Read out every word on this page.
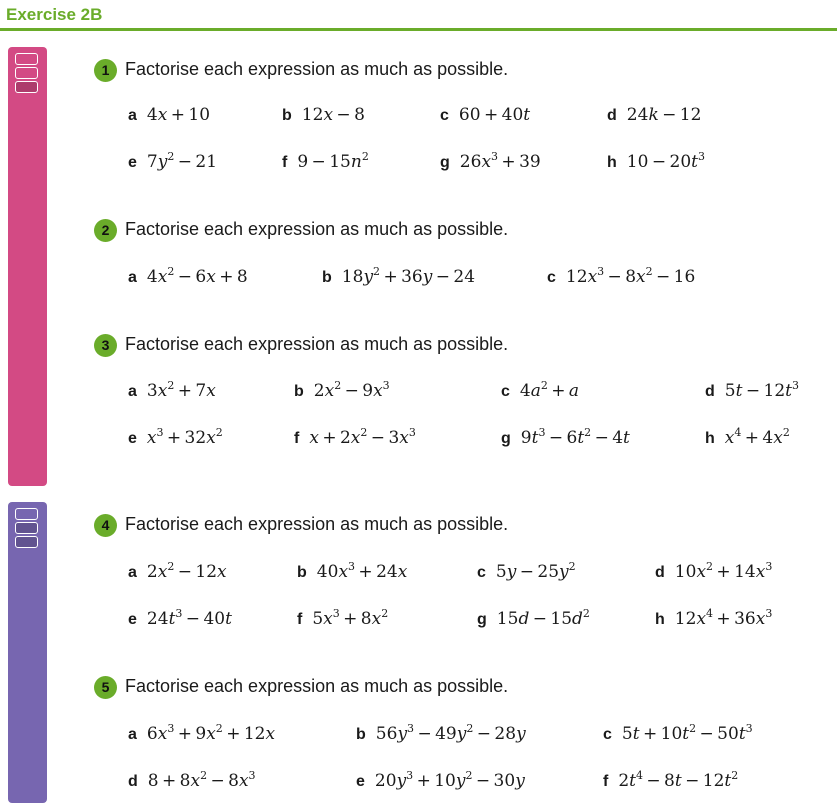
Exercise 2B
1 Factorise each expression as much as possible.
a 4x + 10	b 12x − 8	c 60 + 40t	d 24k − 12
e $7y^2 - 21$	f $9 - 15n^2$	g $26x^3 + 39$	h $10 - 20t^3$
2 Factorise each expression as much as possible.
a $4x^2 - 6x + 8$	b $18y^2 + 36y - 24$	c $12x^3 - 8x^2 - 16$
3 Factorise each expression as much as possible.
a $3x^2 + 7x$	b $2x^2 - 9x^3$	c $4a^2 + a$	d $5t - 12t^3$
e $x^3 + 32x^2$	f $x + 2x^2 - 3x^3$	g $9t^3 - 6t^2 - 4t$	h $x^4 + 4x^2$
4 Factorise each expression as much as possible.
a $2x^2 - 12x$	b $40x^3 + 24x$	c $5y - 25y^2$	d $10x^2 + 14x^3$
e $24t^3 - 40t$	f $5x^3 + 8x^2$	g $15d - 15d^2$	h $12x^4 + 36x^3$
5 Factorise each expression as much as possible.
a $6x^3 + 9x^2 + 12x$	b $56y^3 - 49y^2 - 28y$	c $5t + 10t^2 - 50t^3$
d $8 + 8x^2 - 8x^3$	e $20y^3 + 10y^2 - 30y$	f $2t^4 - 8t - 12t^2$
